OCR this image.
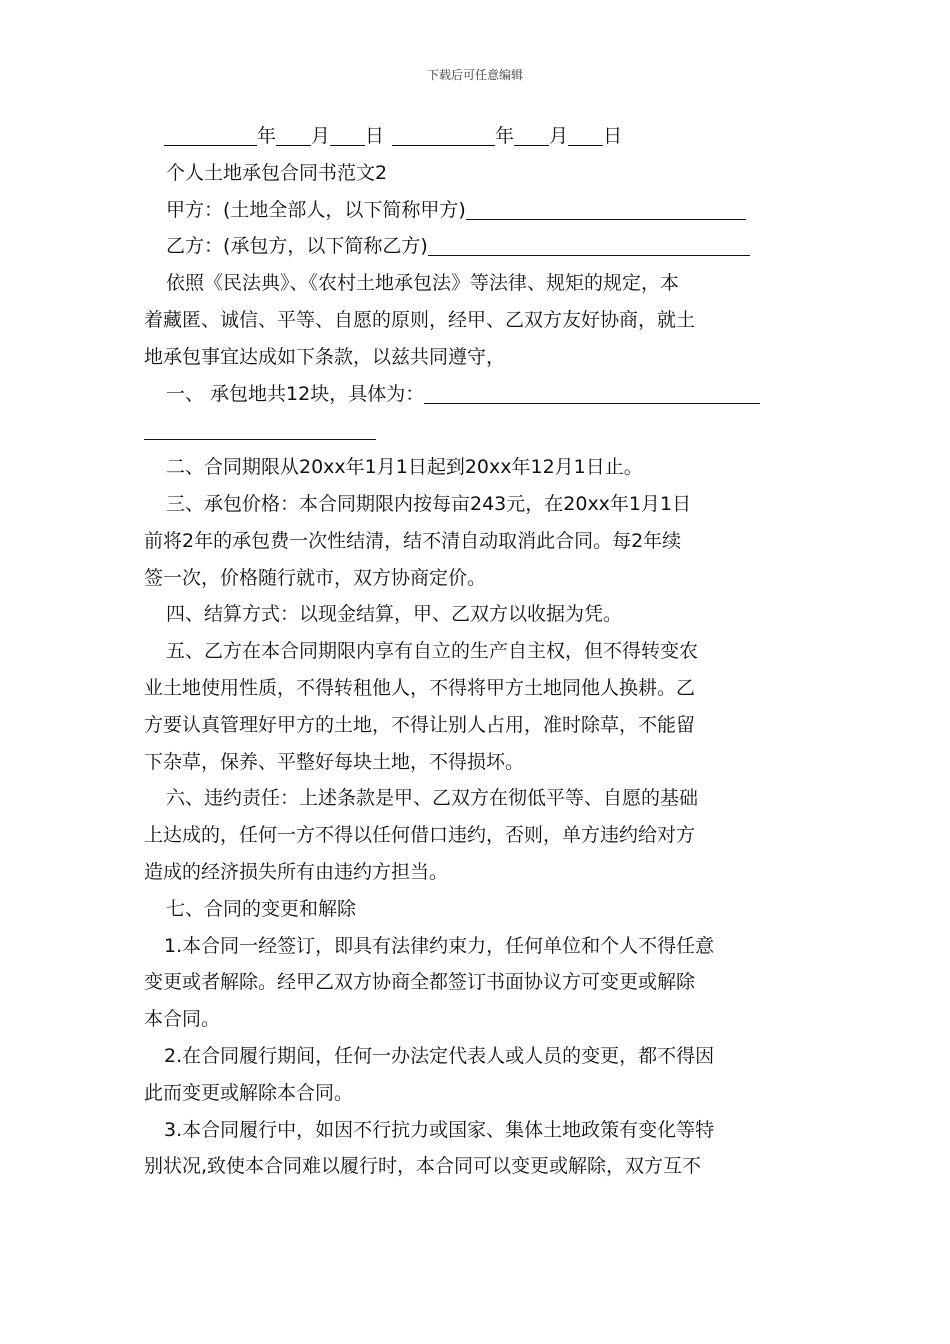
下载后可任意编辑
年 月 日	年 月 日
个人土地承包合同书范文2
甲方：(土地全部人，以下简称甲方)
乙方：(承包方，以下简称乙方)
依照《民法典》、《农村土地承包法》等法律、规矩的规定，本
着藏匿、诚信、平等、自愿的原则，经甲、乙双方友好协商，就土
地承包事宜达成如下条款，以兹共同遵守，
一、 承包地共12块，具体为：
二、合同期限从20xx年1月1日起到20xx年12月1日止。
三、承包价格：本合同期限内按每亩243元，在20xx年1月1日
前将2年的承包费一次性结清，结不清自动取消此合同。每2年续
签一次，价格随行就市，双方协商定价。
四、结算方式：以现金结算，甲、乙双方以收据为凭。
五、乙方在本合同期限内享有自立的生产自主权，但不得转变农
业土地使用性质，不得转租他人，不得将甲方土地同他人换耕。乙
方要认真管理好甲方的土地，不得让别人占用，准时除草，不能留
下杂草，保养、平整好每块土地，不得损坏。
六、违约责任：上述条款是甲、乙双方在彻低平等、自愿的基础
上达成的，任何一方不得以任何借口违约，否则，单方违约给对方
造成的经济损失所有由违约方担当。
七、合同的变更和解除
1.本合同一经签订，即具有法律约束力，任何单位和个人不得任意
变更或者解除。经甲乙双方协商全都签订书面协议方可变更或解除
本合同。
2.在合同履行期间，任何一办法定代表人或人员的变更，都不得因
此而变更或解除本合同。
3.本合同履行中，如因不行抗力或国家、集体土地政策有变化等特
别状况,致使本合同难以履行时，本合同可以变更或解除，双方互不
